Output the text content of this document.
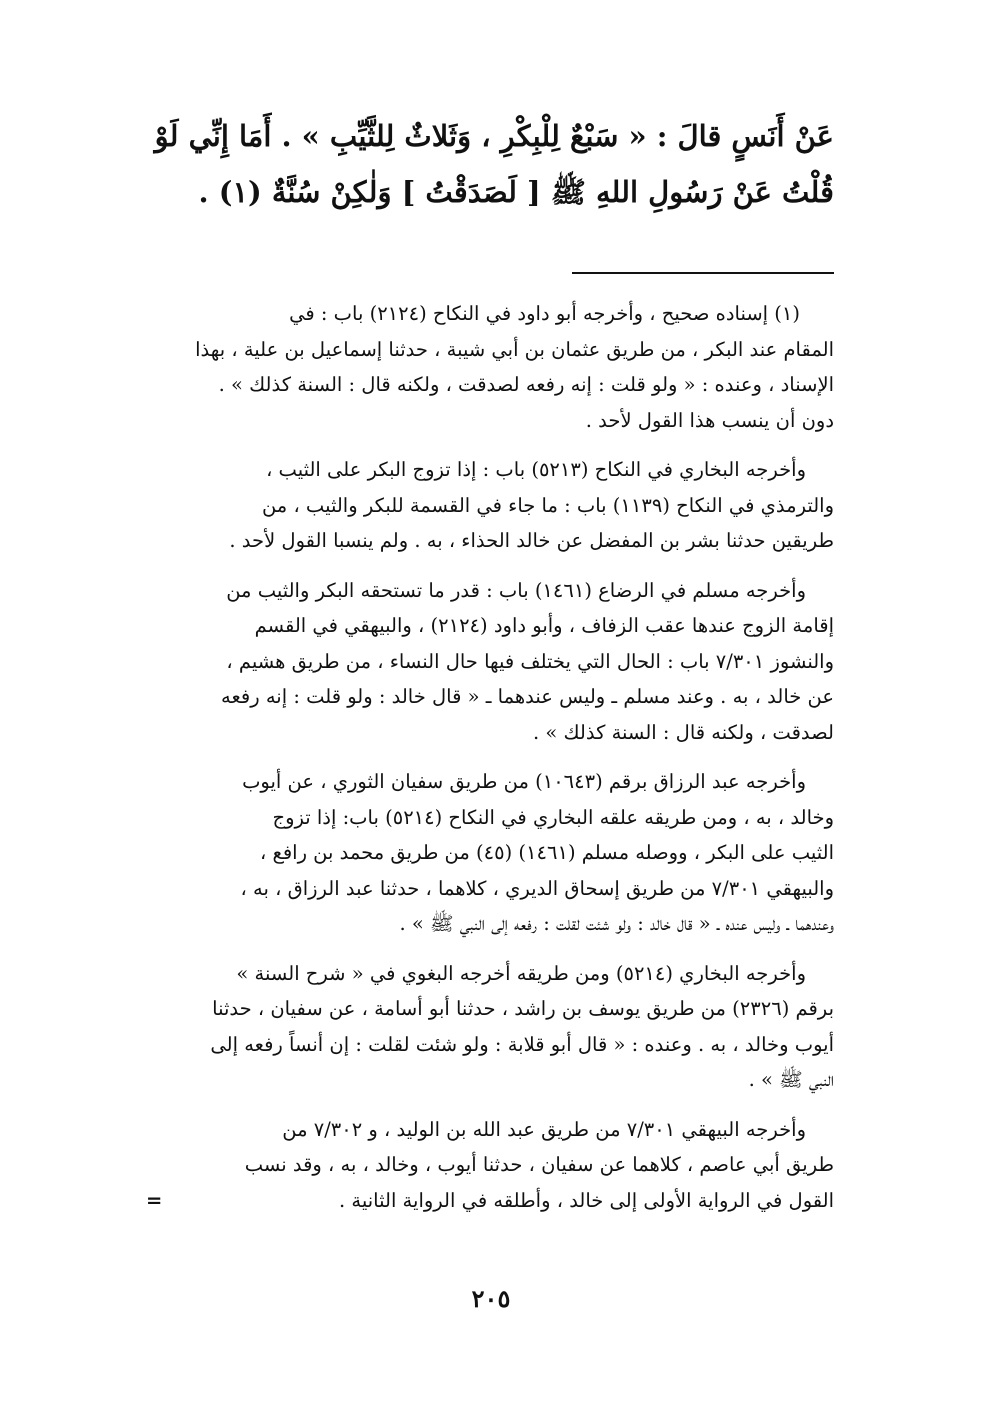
عَنْ أَنَسٍ قالَ : « سَبْعٌ لِلْبِكْرِ ، وَثَلاثٌ لِلثَّيِّبِ » . أَمَا إِنِّي لَوْ
قُلْتُ عَنْ رَسُولِ اللهِ ﷺ [ لَصَدَقْتُ ] وَلٰكِنْ سُنَّةٌ (١) .
(١) إسناده صحيح ، وأخرجه أبو داود في النكاح (٢١٢٤) باب : في
المقام عند البكر ، من طريق عثمان بن أبي شيبة ، حدثنا إسماعيل بن علية ، بهذا
الإسناد ، وعنده : « ولو قلت : إنه رفعه لصدقت ، ولكنه قال : السنة كذلك » .
دون أن ينسب هذا القول لأحد .
وأخرجه البخاري في النكاح (٥٢١٣) باب : إذا تزوج البكر على الثيب ،
والترمذي في النكاح (١١٣٩) باب : ما جاء في القسمة للبكر والثيب ، من
طريقين حدثنا بشر بن المفضل عن خالد الحذاء ، به . ولم ينسبا القول لأحد .
وأخرجه مسلم في الرضاع (١٤٦١) باب : قدر ما تستحقه البكر والثيب من
إقامة الزوج عندها عقب الزفاف ، وأبو داود (٢١٢٤) ، والبيهقي في القسم
والنشوز ٧/٣٠١ باب : الحال التي يختلف فيها حال النساء ، من طريق هشيم ،
عن خالد ، به . وعند مسلم ـ وليس عندهما ـ « قال خالد : ولو قلت : إنه رفعه
لصدقت ، ولكنه قال : السنة كذلك » .
وأخرجه عبد الرزاق برقم (١٠٦٤٣) من طريق سفيان الثوري ، عن أيوب
وخالد ، به ، ومن طريقه علقه البخاري في النكاح (٥٢١٤) باب: إذا تزوج
الثيب على البكر ، ووصله مسلم (١٤٦١) (٤٥) من طريق محمد بن رافع ،
والبيهقي ٧/٣٠١ من طريق إسحاق الديري ، كلاهما ، حدثنا عبد الرزاق ، به ،
وعندهما ـ وليس عنده ـ « قال خالد : ولو شئت لقلت : رفعه إلى النبي ﷺ » .
وأخرجه البخاري (٥٢١٤) ومن طريقه أخرجه البغوي في « شرح السنة »
برقم (٢٣٢٦) من طريق يوسف بن راشد ، حدثنا أبو أسامة ، عن سفيان ، حدثنا
أيوب وخالد ، به . وعنده : « قال أبو قلابة : ولو شئت لقلت : إن أنساً رفعه إلى
النبي ﷺ » .
وأخرجه البيهقي ٧/٣٠١ من طريق عبد الله بن الوليد ، و ٧/٣٠٢ من
طريق أبي عاصم ، كلاهما عن سفيان ، حدثنا أيوب ، وخالد ، به ، وقد نسب
القول في الرواية الأولى إلى خالد ، وأطلقه في الرواية الثانية .
=
٢٠٥
